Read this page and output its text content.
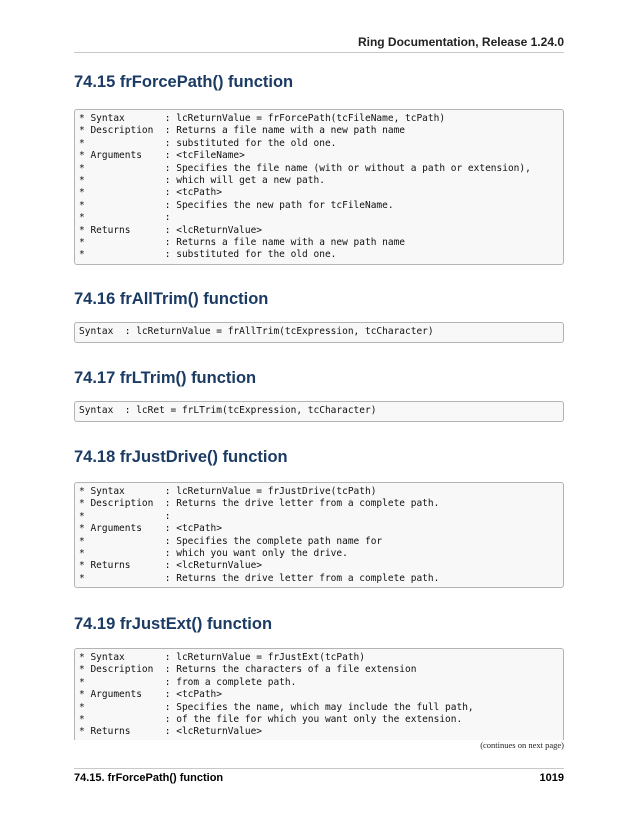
Ring Documentation, Release 1.24.0
74.15 frForcePath() function
* Syntax       : lcReturnValue = frForcePath(tcFileName, tcPath)
* Description  : Returns a file name with a new path name
*              : substituted for the old one.
* Arguments    : <tcFileName>
*              : Specifies the file name (with or without a path or extension),
*              : which will get a new path.
*              : <tcPath>
*              : Specifies the new path for tcFileName.
*              :
* Returns      : <lcReturnValue>
*              : Returns a file name with a new path name
*              : substituted for the old one.
74.16 frAllTrim() function
Syntax  : lcReturnValue = frAllTrim(tcExpression, tcCharacter)
74.17 frLTrim() function
Syntax  : lcRet = frLTrim(tcExpression, tcCharacter)
74.18 frJustDrive() function
* Syntax       : lcReturnValue = frJustDrive(tcPath)
* Description  : Returns the drive letter from a complete path.
*              :
* Arguments    : <tcPath>
*              : Specifies the complete path name for
*              : which you want only the drive.
* Returns      : <lcReturnValue>
*              : Returns the drive letter from a complete path.
74.19 frJustExt() function
* Syntax       : lcReturnValue = frJustExt(tcPath)
* Description  : Returns the characters of a file extension
*              : from a complete path.
* Arguments    : <tcPath>
*              : Specifies the name, which may include the full path,
*              : of the file for which you want only the extension.
* Returns      : <lcReturnValue>
(continues on next page)
74.15. frForcePath() function	1019
